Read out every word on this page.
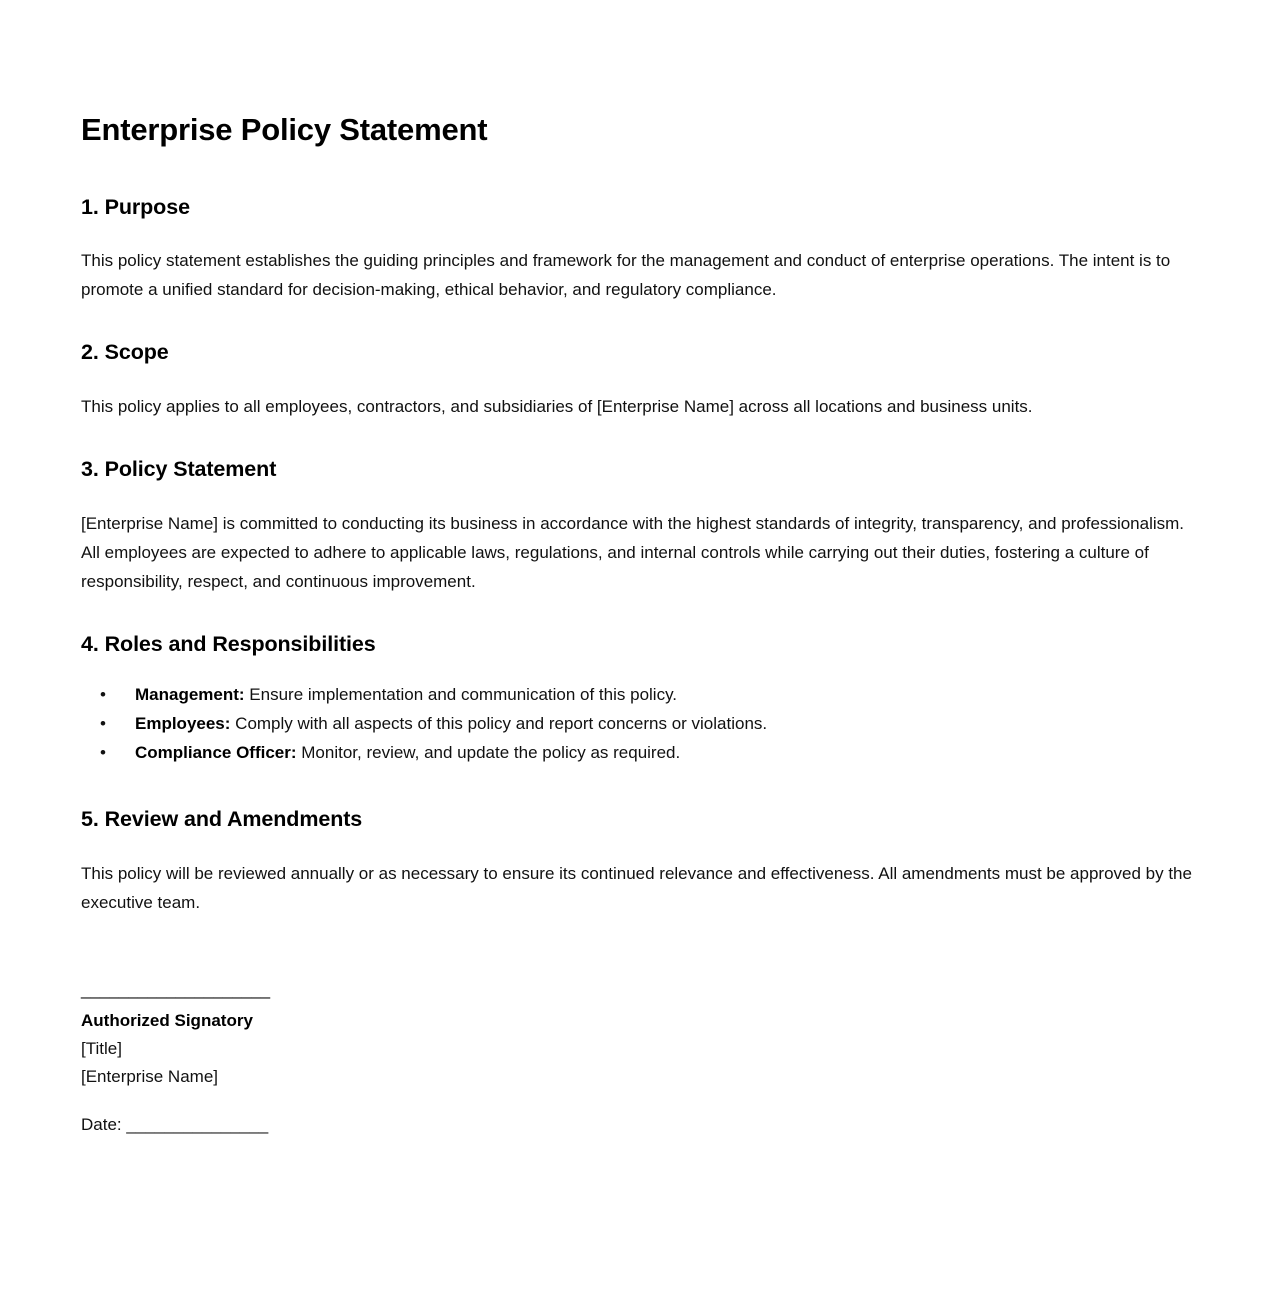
Enterprise Policy Statement
1. Purpose

This policy statement establishes the guiding principles and framework for the management and conduct of enterprise operations. The intent is to promote a unified standard for decision-making, ethical behavior, and regulatory compliance.

2. Scope

This policy applies to all employees, contractors, and subsidiaries of [Enterprise Name] across all locations and business units.

3. Policy Statement

[Enterprise Name] is committed to conducting its business in accordance with the highest standards of integrity, transparency, and professionalism. All employees are expected to adhere to applicable laws, regulations, and internal controls while carrying out their duties, fostering a culture of responsibility, respect, and continuous improvement.

4. Roles and Responsibilities
• Management: Ensure implementation and communication of this policy.
• Employees: Comply with all aspects of this policy and report concerns or violations.
• Compliance Officer: Monitor, review, and update the policy as required.
5. Review and Amendments

This policy will be reviewed annually or as necessary to ensure its continued relevance and effectiveness. All amendments must be approved by the executive team.

____________________
Authorized Signatory
[Title]
[Enterprise Name]
Date: _______________
